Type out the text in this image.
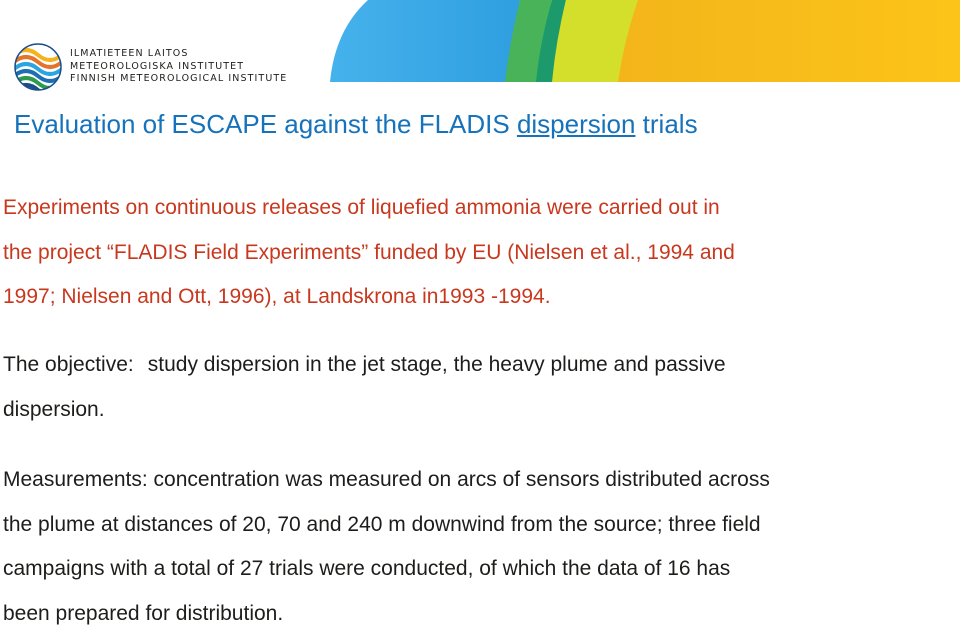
ILMATIETEEN LAITOS
METEOROLOGISKA INSTITUTET
FINNISH METEOROLOGICAL INSTITUTE
Evaluation of ESCAPE against the FLADIS dispersion trials
Experiments on continuous releases of liquefied ammonia were carried out in
the project “FLADIS Field Experiments” funded by EU (Nielsen et al., 1994 and
1997; Nielsen and Ott, 1996), at Landskrona in1993 -1994.
The objective: study dispersion in the jet stage, the heavy plume and passive
dispersion.
Measurements: concentration was measured on arcs of sensors distributed across
the plume at distances of 20, 70 and 240 m downwind from the source; three field
campaigns with a total of 27 trials were conducted, of which the data of 16 has
been prepared for distribution.
